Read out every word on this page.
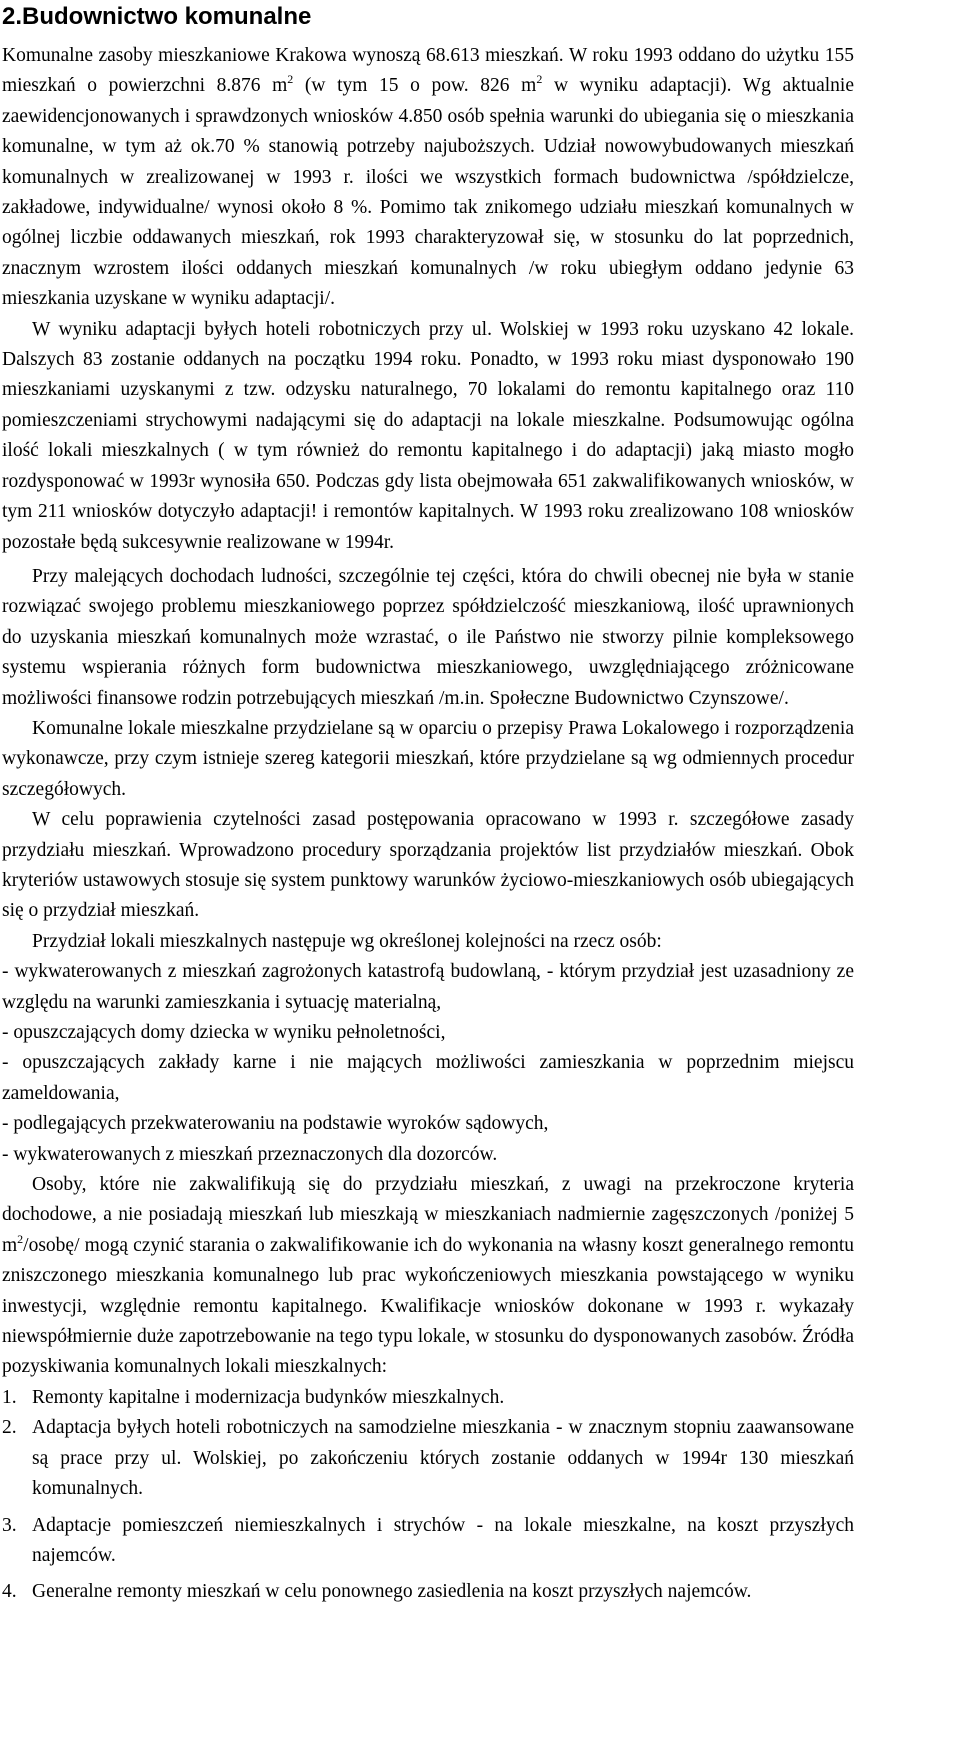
2.Budownictwo komunalne

Komunalne zasoby mieszkaniowe Krakowa wynoszą 68.613 mieszkań. W roku 1993 oddano do użytku 155 mieszkań o powierzchni 8.876 $m^2$ (w tym 15 o pow. 826 $m^2$ w wyniku adaptacji). Wg aktualnie zaewidencjonowanych i sprawdzonych wniosków 4.850 osób spełnia warunki do ubiegania się o mieszkania komunalne, w tym aż ok.70 % stanowią potrzeby najuboższych. Udział nowowybudowanych mieszkań komunalnych w zrealizowanej w 1993 r. ilości we wszystkich formach budownictwa /spółdzielcze, zakładowe, indywidualne/ wynosi około 8 %. Pomimo tak znikomego udziału mieszkań komunalnych w ogólnej liczbie oddawanych mieszkań, rok 1993 charakteryzował się, w stosunku do lat poprzednich, znacznym wzrostem ilości oddanych mieszkań komunalnych /w roku ubiegłym oddano jedynie 63 mieszkania uzyskane w wyniku adaptacji/.

W wyniku adaptacji byłych hoteli robotniczych przy ul. Wolskiej w 1993 roku uzyskano 42 lokale. Dalszych 83 zostanie oddanych na początku 1994 roku. Ponadto, w 1993 roku miast dysponowało 190 mieszkaniami uzyskanymi z tzw. odzysku naturalnego, 70 lokalami do remontu kapitalnego oraz 110 pomieszczeniami strychowymi nadającymi się do adaptacji na lokale mieszkalne. Podsumowując ogólna ilość lokali mieszkalnych ( w tym również do remontu kapitalnego i do adaptacji) jaką miasto mogło rozdysponować w 1993r wynosiła 650. Podczas gdy lista obejmowała 651 zakwalifikowanych wniosków, w tym 211 wniosków dotyczyło adaptacji! i remontów kapitalnych. W 1993 roku zrealizowano 108 wniosków pozostałe będą sukcesywnie realizowane w 1994r.

Przy malejących dochodach ludności, szczególnie tej części, która do chwili obecnej nie była w stanie rozwiązać swojego problemu mieszkaniowego poprzez spółdzielczość mieszkaniową, ilość uprawnionych do uzyskania mieszkań komunalnych może wzrastać, o ile Państwo nie stworzy pilnie kompleksowego systemu wspierania różnych form budownictwa mieszkaniowego, uwzględniającego zróżnicowane możliwości finansowe rodzin potrzebujących mieszkań /m.in. Społeczne Budownictwo Czynszowe/.

Komunalne lokale mieszkalne przydzielane są w oparciu o przepisy Prawa Lokalowego i rozporządzenia wykonawcze, przy czym istnieje szereg kategorii mieszkań, które przydzielane są wg odmiennych procedur szczegółowych.

W celu poprawienia czytelności zasad postępowania opracowano w 1993 r. szczegółowe zasady przydziału mieszkań. Wprowadzono procedury sporządzania projektów list przydziałów mieszkań. Obok kryteriów ustawowych stosuje się system punktowy warunków życiowo-mieszkaniowych osób ubiegających się o przydział mieszkań.

Przydział lokali mieszkalnych następuje wg określonej kolejności na rzecz osób:

- wykwaterowanych z mieszkań zagrożonych katastrofą budowlaną, - którym przydział jest uzasadniony ze względu na warunki zamieszkania i sytuację materialną,

- opuszczających domy dziecka w wyniku pełnoletności,

- opuszczających zakłady karne i nie mających możliwości zamieszkania w poprzednim miejscu zameldowania,

- podlegających przekwaterowaniu na podstawie wyroków sądowych,

- wykwaterowanych z mieszkań przeznaczonych dla dozorców.

Osoby, które nie zakwalifikują się do przydziału mieszkań, z uwagi na przekroczone kryteria dochodowe, a nie posiadają mieszkań lub mieszkają w mieszkaniach nadmiernie zagęszczonych /poniżej 5 $m^2/osobę/$ mogą czynić starania o zakwalifikowanie ich do wykonania na własny koszt generalnego remontu zniszczonego mieszkania komunalnego lub prac wykończeniowych mieszkania powstającego w wyniku inwestycji, względnie remontu kapitalnego. Kwalifikacje wniosków dokonane w 1993 r. wykazały niewspółmiernie duże zapotrzebowanie na tego typu lokale, w stosunku do dysponowanych zasobów. Źródła pozyskiwania komunalnych lokali mieszkalnych:

1. Remonty kapitalne i modernizacja budynków mieszkalnych.
2. Adaptacja byłych hoteli robotniczych na samodzielne mieszkania - w znacznym stopniu zaawansowane są prace przy ul. Wolskiej, po zakończeniu których zostanie oddanych w 1994r 130 mieszkań komunalnych.
3. Adaptacje pomieszczeń niemieszkalnych i strychów - na lokale mieszkalne, na koszt przyszłych najemców.
4. Generalne remonty mieszkań w celu ponownego zasiedlenia na koszt przyszłych najemców.
